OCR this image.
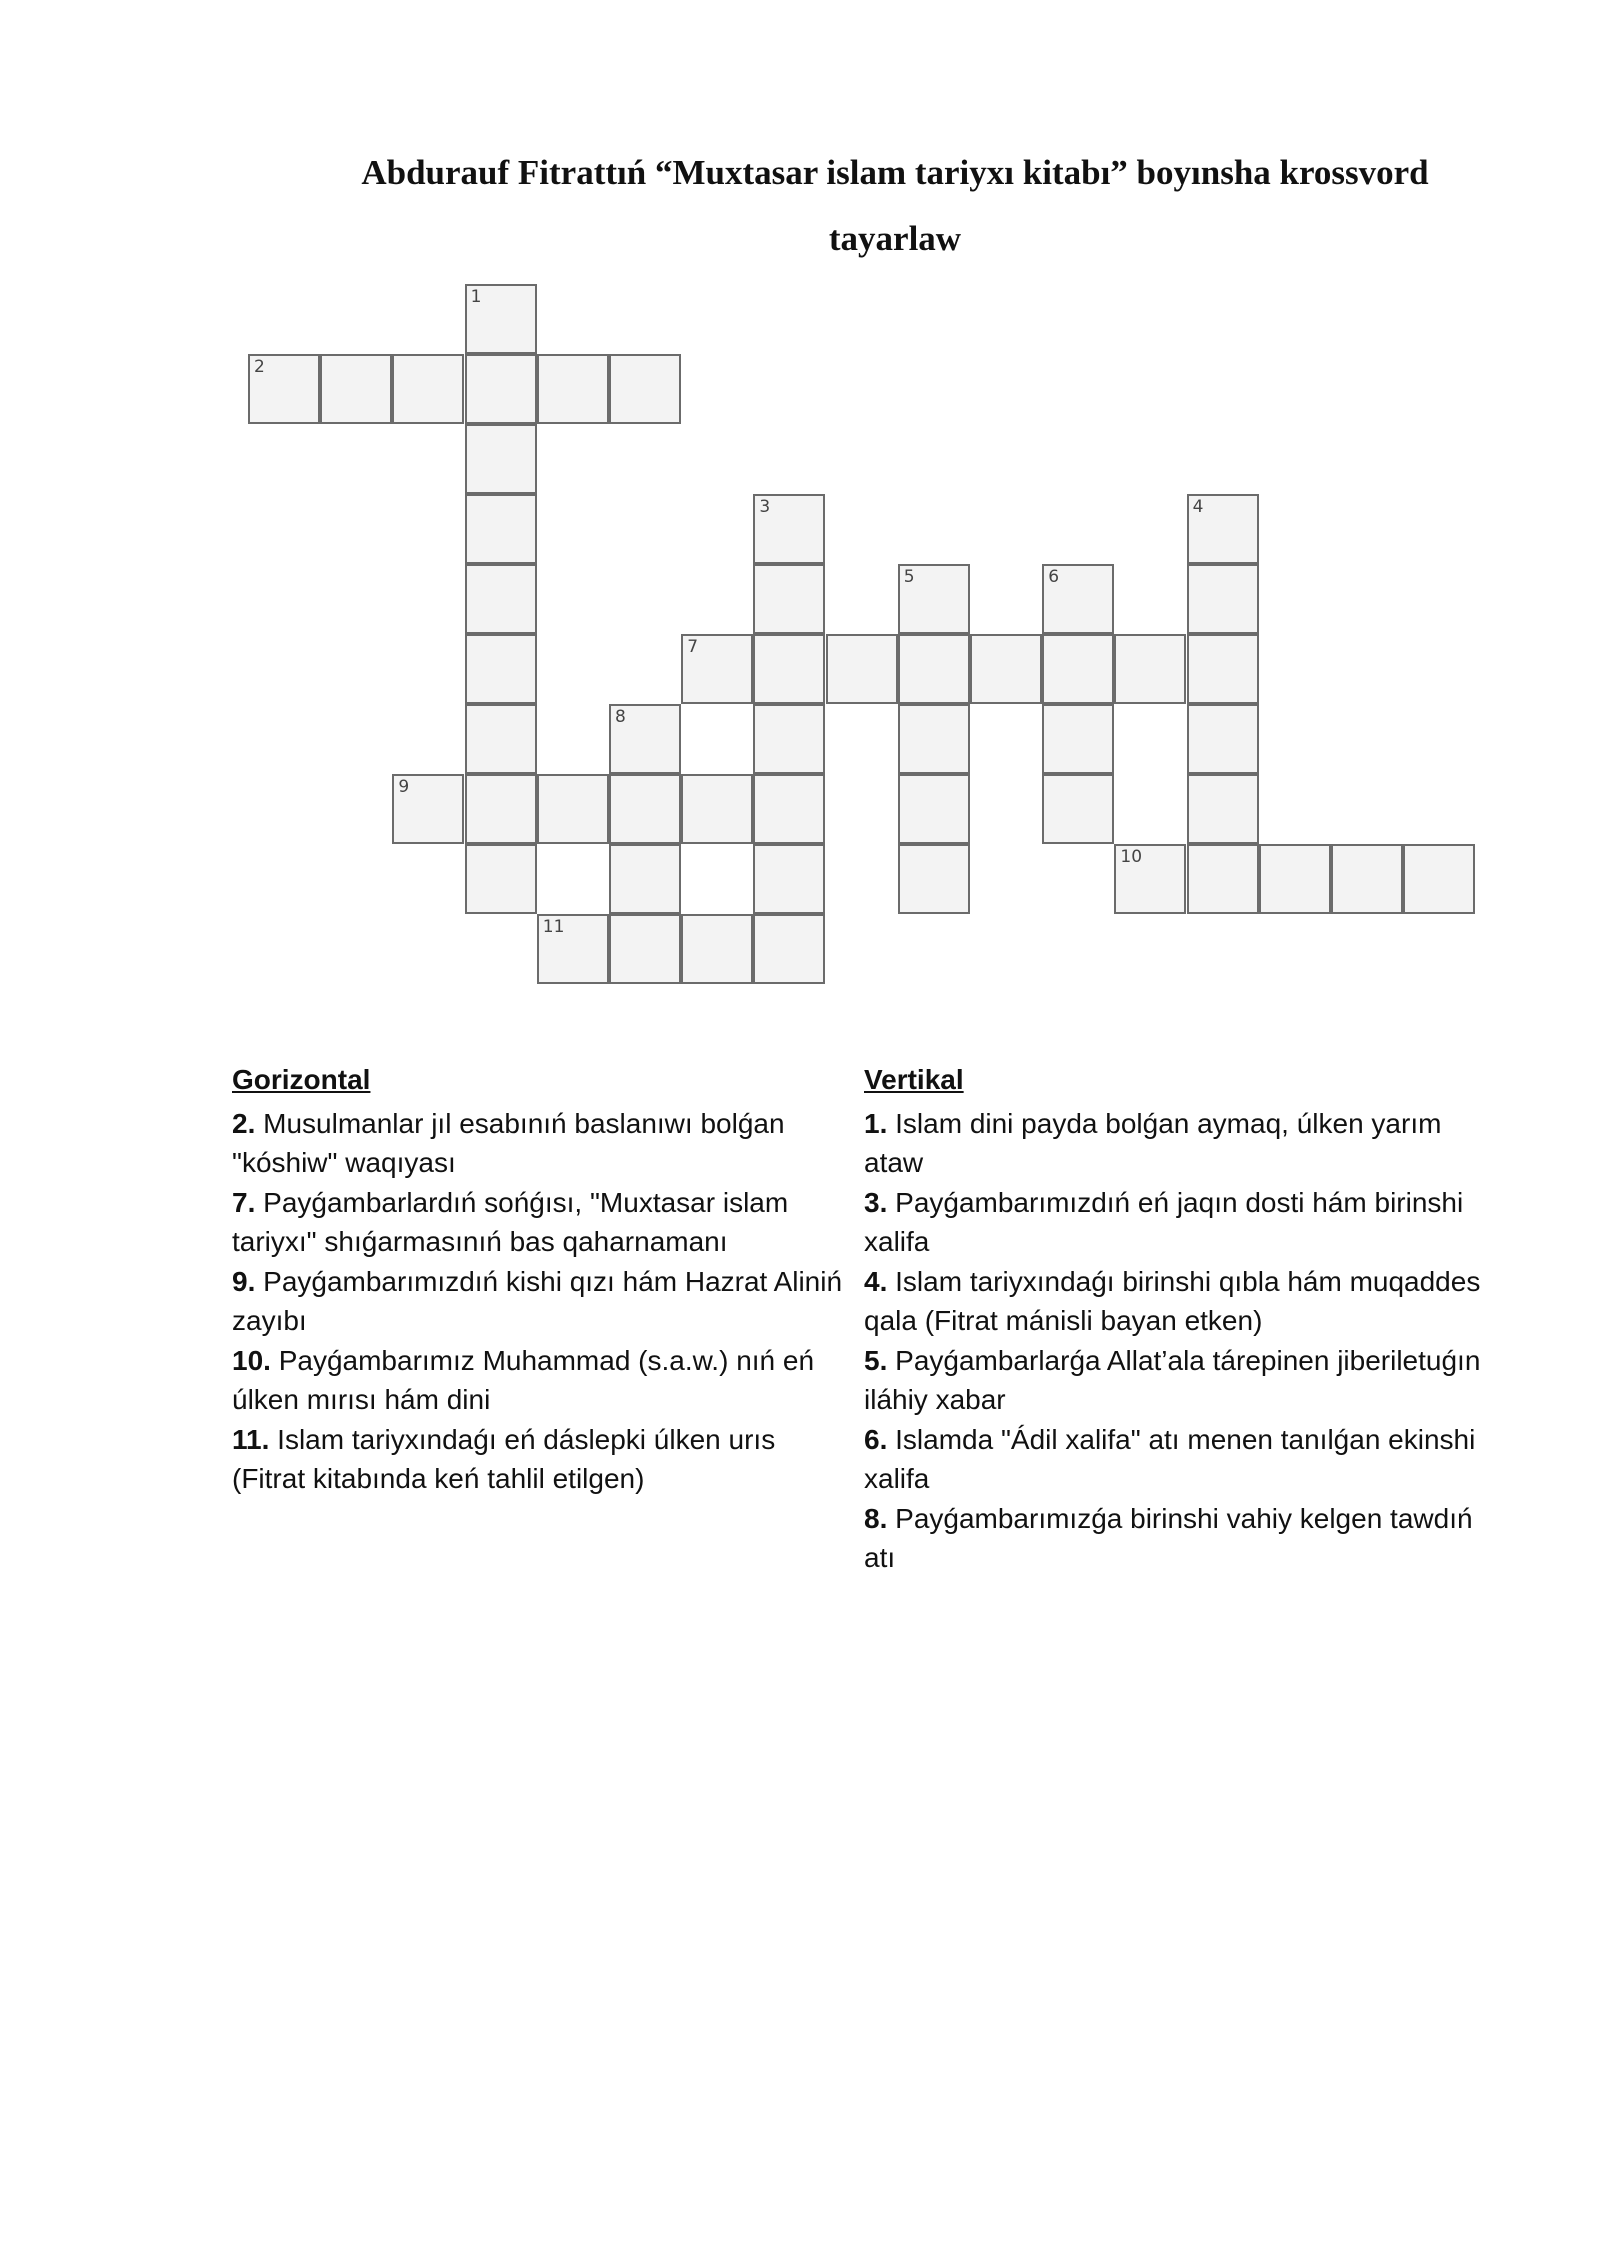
Abdurauf Fitrattıń “Muxtasar islam tariyxı kitabı” boyınsha krossvord tayarlaw
1
2
3	4
5	6
7
8
9
10
11
Gorizontal
2. Musulmanlar jıl esabınıń baslanıwı bolǵan "kóshiw" waqıyası
7. Payǵambarlardıń sońǵısı, "Muxtasar islam tariyxı" shıǵarmasınıń bas qaharnamanı
9. Payǵambarımızdıń kishi qızı hám Hazrat Aliniń zayıbı
10. Payǵambarımız Muhammad (s.a.w.) nıń eń úlken mırısı hám dini
11. Islam tariyxındaǵı eń dáslepki úlken urıs (Fitrat kitabında keń tahlil etilgen)
Vertikal
1. Islam dini payda bolǵan aymaq, úlken yarım ataw
3. Payǵambarımızdıń eń jaqın dosti hám birinshi xalifa
4. Islam tariyxındaǵı birinshi qıbla hám muqaddes qala (Fitrat mánisli bayan etken)
5. Payǵambarlarǵa Allat’ala tárepinen jiberiletuǵın iláhiy xabar
6. Islamda "Ádil xalifa" atı menen tanılǵan ekinshi xalifa
8. Payǵambarımızǵa birinshi vahiy kelgen tawdıń atı
